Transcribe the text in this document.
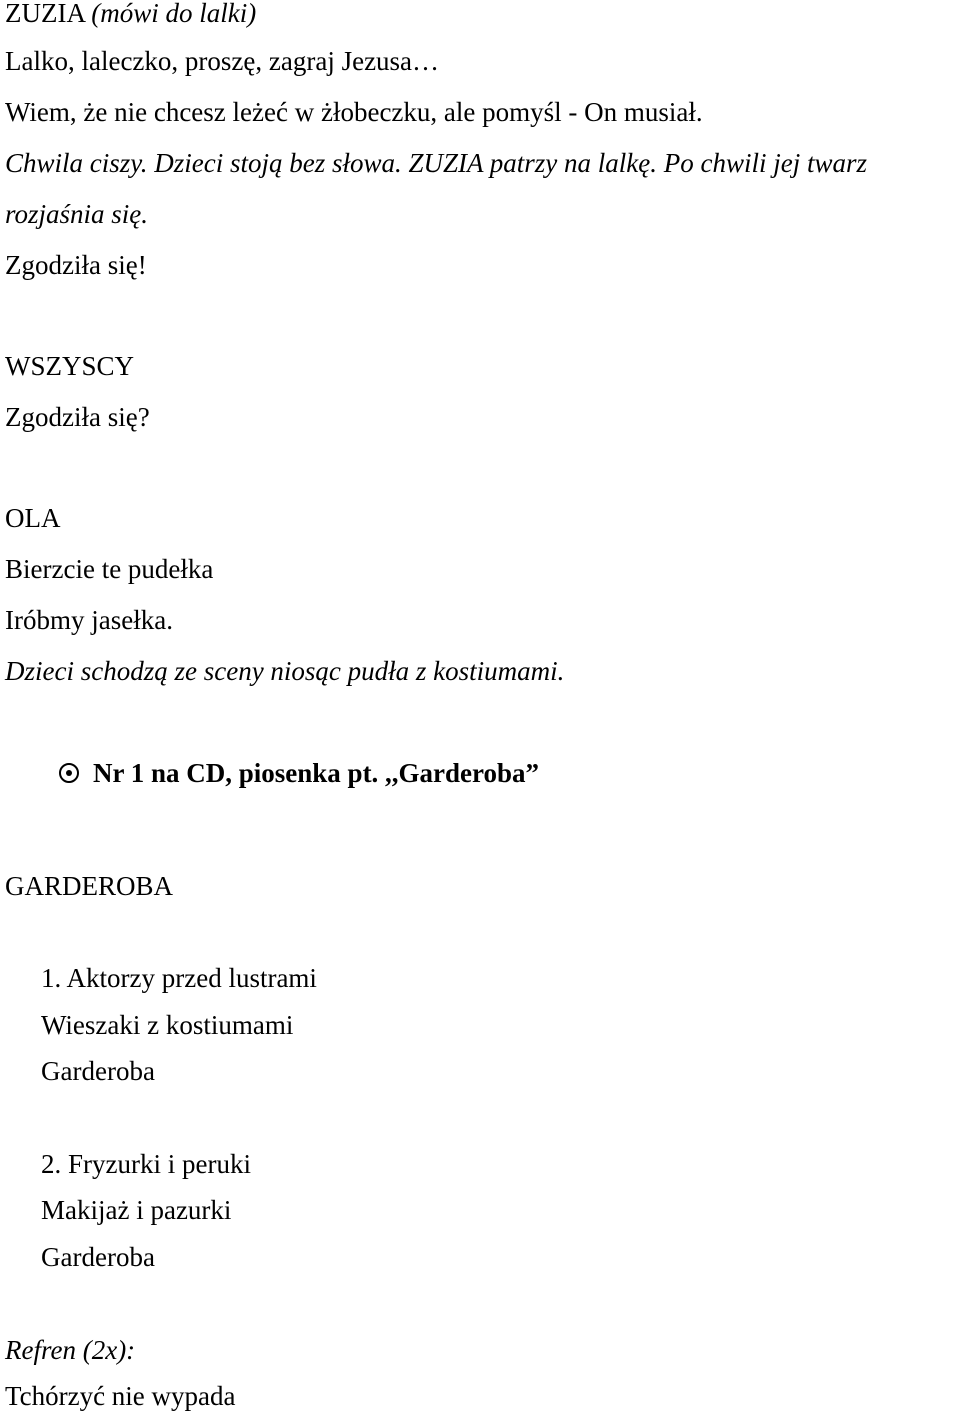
ZUZIA (mówi do lalki)
Lalko, laleczko, proszę, zagraj Jezusa…
Wiem, że nie chcesz leżeć w żłobeczku, ale pomyśl - On musiał.
Chwila ciszy. Dzieci stoją bez słowa. ZUZIA patrzy na lalkę. Po chwili jej twarz
rozjaśnia się.
Zgodziła się!
WSZYSCY
Zgodziła się?
OLA
Bierzcie te pudełka
Iróbmy jasełka.
Dzieci schodzą ze sceny niosąc pudła z kostiumami.
Nr 1 na CD, piosenka pt. ,,Garderoba”
GARDEROBA
1. Aktorzy przed lustrami
Wieszaki z kostiumami
Garderoba
2. Fryzurki i peruki
Makijaż i pazurki
Garderoba
Refren (2x):
Tchórzyć nie wypada
